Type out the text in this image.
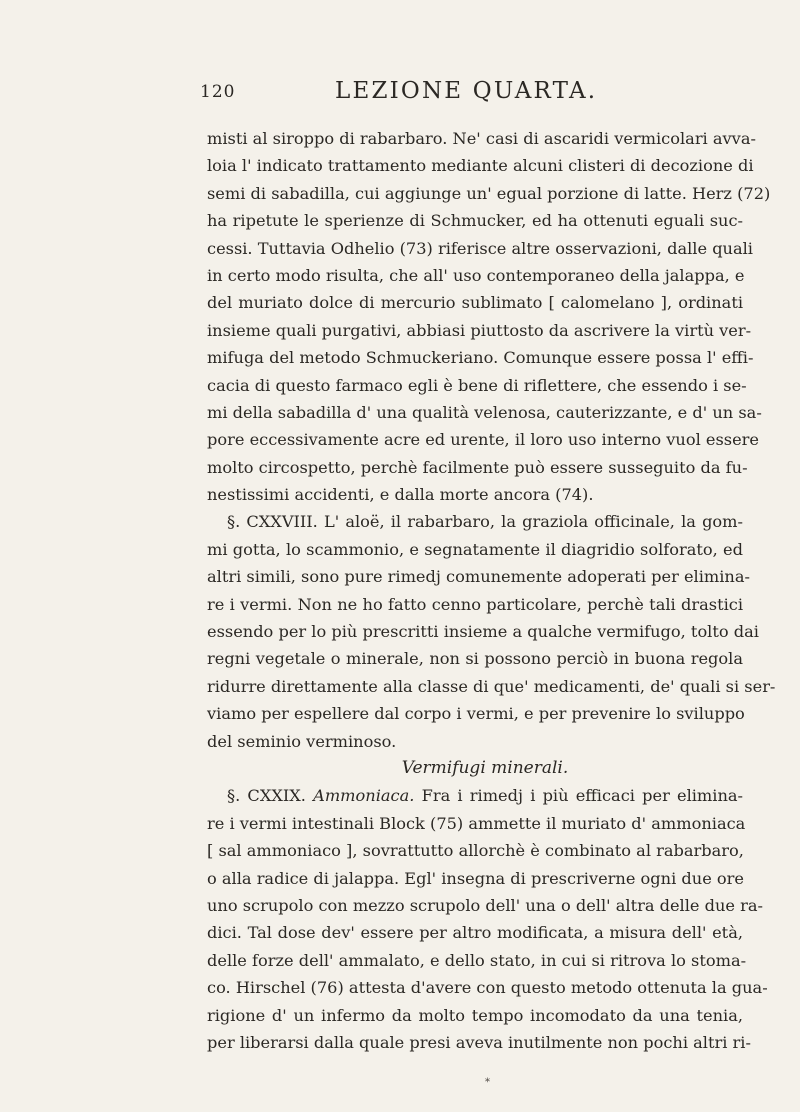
120	LEZIONE QUARTA.
misti al siroppo di rabarbaro. Ne' casi di ascaridi vermicolari avva-
loia l' indicato trattamento mediante alcuni clisteri di decozione di
semi di sabadilla, cui aggiunge un' egual porzione di latte. Herz (72)
ha ripetute le sperienze di Schmucker, ed ha ottenuti eguali suc-
cessi. Tuttavia Odhelio (73) riferisce altre osservazioni, dalle quali
in certo modo risulta, che all' uso contemporaneo della jalappa, e
del muriato dolce di mercurio sublimato [ calomelano ], ordinati
insieme quali purgativi, abbiasi piuttosto da ascrivere la virtù ver-
mifuga del metodo Schmuckeriano. Comunque essere possa l' effi-
cacia di questo farmaco egli è bene di riflettere, che essendo i se-
mi della sabadilla d' una qualità velenosa, cauterizzante, e d' un sa-
pore eccessivamente acre ed urente, il loro uso interno vuol essere
molto circospetto, perchè facilmente può essere susseguito da fu-
nestissimi accidenti, e dalla morte ancora (74).
§. CXXVIII. L' aloë, il rabarbaro, la graziola officinale, la gom-
mi gotta, lo scammonio, e segnatamente il diagridio solforato, ed
altri simili, sono pure rimedj comunemente adoperati per elimina-
re i vermi. Non ne ho fatto cenno particolare, perchè tali drastici
essendo per lo più prescritti insieme a qualche vermifugo, tolto dai
regni vegetale o minerale, non si possono perciò in buona regola
ridurre direttamente alla classe di que' medicamenti, de' quali si ser-
viamo per espellere dal corpo i vermi, e per prevenire lo sviluppo
del seminio verminoso.
Vermifugi minerali.
§. CXXIX. Ammoniaca. Fra i rimedj i più efficaci per elimina-
re i vermi intestinali Block (75) ammette il muriato d' ammoniaca
[ sal ammoniaco ], sovrattutto allorchè è combinato al rabarbaro,
o alla radice di jalappa. Egl' insegna di prescriverne ogni due ore
uno scrupolo con mezzo scrupolo dell' una o dell' altra delle due ra-
dici. Tal dose dev' essere per altro modificata, a misura dell' età,
delle forze dell' ammalato, e dello stato, in cui si ritrova lo stoma-
co. Hirschel (76) attesta d'avere con questo metodo ottenuta la gua-
rigione d' un infermo da molto tempo incomodato da una tenia,
per liberarsi dalla quale presi aveva inutilmente non pochi altri ri-
*
